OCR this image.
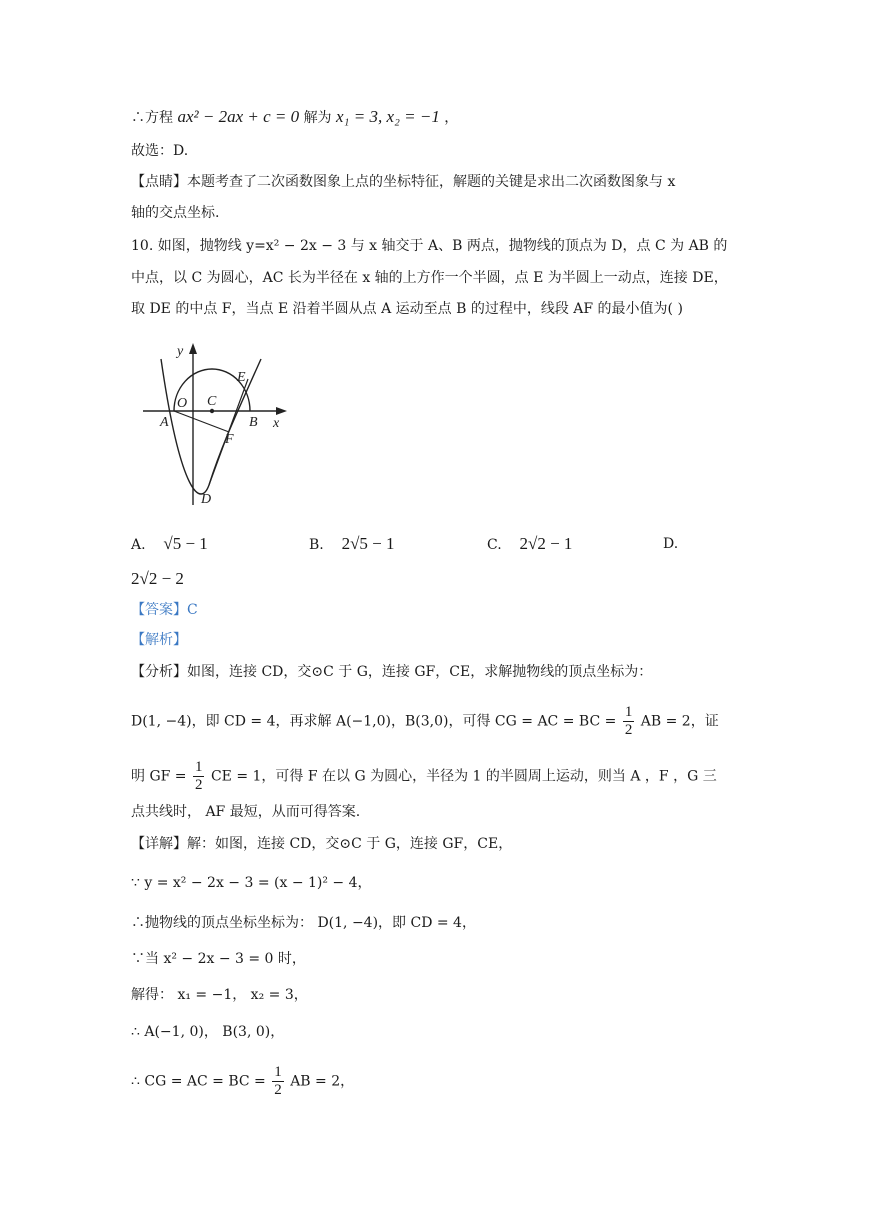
∴方程 ax² − 2ax + c = 0 解为 x₁ = 3, x₂ = −1 ，
故选：D.
【点睛】本题考查了二次函数图象上点的坐标特征，解题的关键是求出二次函数图象与 x
轴的交点坐标.
10. 如图，抛物线 y=x² − 2x − 3 与 x 轴交于 A、B 两点，抛物线的顶点为 D，点 C 为 AB 的
中点，以 C 为圆心，AC 长为半径在 x 轴的上方作一个半圆，点 E 为半圆上一动点，连接 DE，
取 DE 的中点 F，当点 E 沿着半圆从点 A 运动至点 B 的过程中，线段 AF 的最小值为( )
y
x
O
A
C
B
E
F
D
A. √5 − 1	B. 2√5 − 1	C. 2√2 − 1	D.
2√2 − 2
【答案】C
【解析】
【分析】如图，连接 CD，交⊙C 于 G，连接 GF，CE，求解抛物线的顶点坐标为：
D(1, −4)，即 CD = 4，再求解 A(−1,0)，B(3,0)，可得 CG = AC = BC = $\frac{1}{2}$ AB = 2，证
明 GF = $\frac{1}{2}$ CE = 1，可得 F 在以 G 为圆心，半径为 1 的半圆周上运动，则当 A ，F ，G 三
点共线时， AF 最短，从而可得答案.
【详解】解：如图，连接 CD，交⊙C 于 G，连接 GF，CE，
∵ y = x² − 2x − 3 = (x − 1)² − 4，
∴抛物线的顶点坐标坐标为： D(1, −4)，即 CD = 4，
∵当 x² − 2x − 3 = 0 时，
解得： x₁ = −1， x₂ = 3，
∴ A(−1, 0)， B(3, 0)，
∴ CG = AC = BC = $\frac{1}{2}$ AB = 2，
